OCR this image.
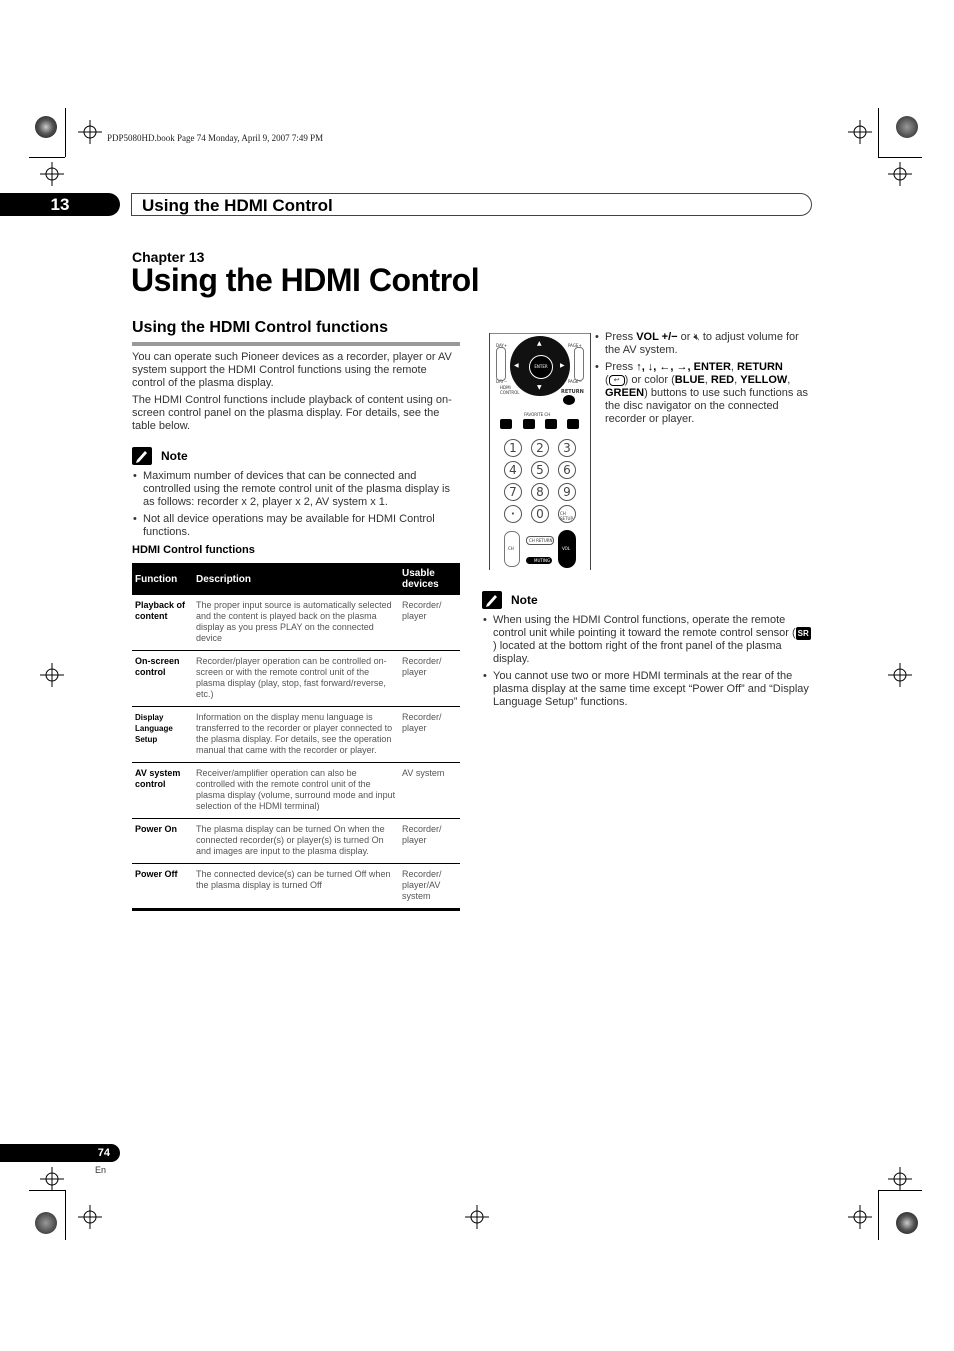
PDP5080HD.book Page 74 Monday, April 9, 2007 7:49 PM
13	Using the HDMI Control
Chapter 13
Using the HDMI Control
Using the HDMI Control functions
You can operate such Pioneer devices as a recorder, player or AV system support the HDMI Control functions using the remote control of the plasma display.
The HDMI Control functions include playback of content using on-screen control panel on the plasma display. For details, see the table below.
Note
• Maximum number of devices that can be connected and controlled using the remote control unit of the plasma display is as follows: recorder x 2, player x 2, AV system x 1.
• Not all device operations may be available for HDMI Control functions.
HDMI Control functions
Function	Description	Usable devices
Playback of content	The proper input source is automatically selected and the content is played back on the plasma display as you press PLAY on the connected device	Recorder/ player
On-screen control	Recorder/player operation can be controlled on-screen or with the remote control unit of the plasma display (play, stop, fast forward/reverse, etc.)	Recorder/ player
Display Language Setup	Information on the display menu language is transferred to the recorder or player connected to the plasma display. For details, see the operation manual that came with the recorder or player.	Recorder/ player
AV system control	Receiver/amplifier operation can also be controlled with the remote control unit of the plasma display (volume, surround mode and input selection of the HDMI terminal)	AV system
Power On	The plasma display can be turned On when the connected recorder(s) or player(s) is turned On and images are input to the plasma display.	Recorder/ player
Power Off	The connected device(s) can be turned Off when the plasma display is turned Off	Recorder/ player/AV system
DAY+
DAY−
PAGE+
PAGE−
ENTER
▲
▼
◀	▶
HDMI CONTROL	RETURN
FAVORITE CH
1	2	3
4	5	6
7	8	9
•	0	CH SETUP
CH
CH RETURN
MUTING
VOL
• Press VOL +/− or 🔇︎ to adjust volume for the AV system.
• Press ↑, ↓, ←, →, ENTER, RETURN
( ↩ ) or color (BLUE, RED, YELLOW, GREEN) buttons to use such functions as the disc navigator on the connected recorder or player.
Note
• When using the HDMI Control functions, operate the remote control unit while pointing it toward the remote control sensor ( SR) located at the bottom right of the front panel of the plasma display.
• You cannot use two or more HDMI terminals at the rear of the plasma display at the same time except “Power Off” and “Display Language Setup” functions.
74
En
